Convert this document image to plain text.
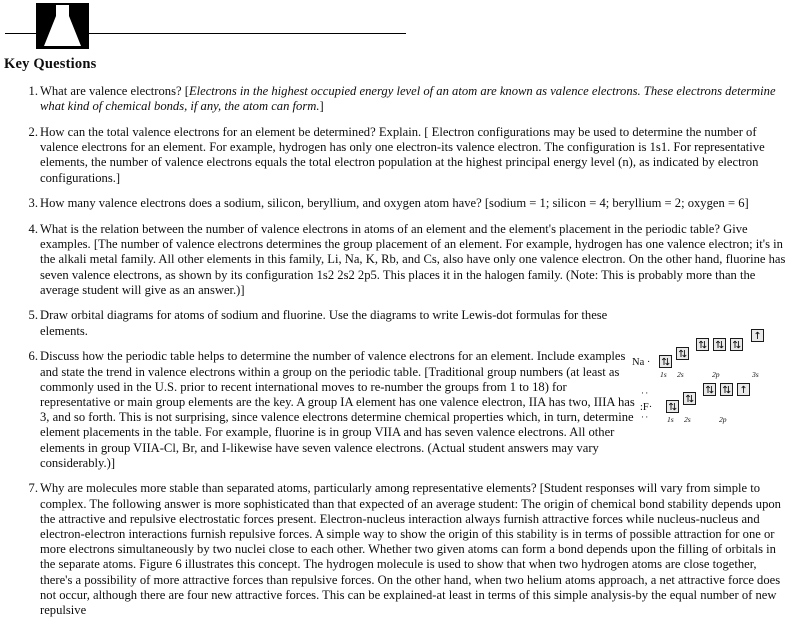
Key Questions
Na ·
1s 2s	2p	3s
··
:F·
·· 1s 2s	2p
1. What are valence electrons? [Electrons in the highest occupied energy level of an atom are known as valence electrons. These electrons determine what kind of chemical bonds, if any, the atom can form.]
2. How can the total valence electrons for an element be determined? Explain. [ Electron configurations may be used to determine the number of valence electrons for an element. For example, hydrogen has only one electron-its valence electron. The configuration is 1s1. For representative elements, the number of valence electrons equals the total electron population at the highest principal energy level (n), as indicated by electron configurations.]
3. How many valence electrons does a sodium, silicon, beryllium, and oxygen atom have? [sodium = 1; silicon = 4; beryllium = 2; oxygen = 6]
4. What is the relation between the number of valence electrons in atoms of an element and the element's placement in the periodic table? Give examples. [The number of valence electrons determines the group placement of an element. For example, hydrogen has one valence electron; it's in the alkali metal family. All other elements in this family, Li, Na, K, Rb, and Cs, also have only one valence electron. On the other hand, fluorine has seven valence electrons, as shown by its configuration 1s2 2s2 2p5. This places it in the halogen family. (Note: This is probably more than the average student will give as an answer.)]
5. Draw orbital diagrams for atoms of sodium and fluorine. Use the diagrams to write Lewis-dot formulas for these elements.
6. Discuss how the periodic table helps to determine the number of valence electrons for an element. Include examples and state the trend in valence electrons within a group on the periodic table. [Traditional group numbers (at least as commonly used in the U.S. prior to recent international moves to re-number the groups from 1 to 18) for representative or main group elements are the key. A group IA element has one valence electron, IIA has two, IIIA has 3, and so forth. This is not surprising, since valence electrons determine chemical properties which, in turn, determine element placements in the table. For example, fluorine is in group VIIA and has seven valence electrons. All other elements in group VIIA-Cl, Br, and I-likewise have seven valence electrons. (Actual student answers may vary considerably.)]
7. Why are molecules more stable than separated atoms, particularly among representative elements? [Student responses will vary from simple to complex. The following answer is more sophisticated than that expected of an average student: The origin of chemical bond stability depends upon the attractive and repulsive electrostatic forces present. Electron-nucleus interaction always furnish attractive forces while nucleus-nucleus and electron-electron interactions furnish repulsive forces. A simple way to show the origin of this stability is in terms of possible attraction for one or more electrons simultaneously by two nuclei close to each other. Whether two given atoms can form a bond depends upon the filling of orbitals in the separate atoms. Figure 6 illustrates this concept. The hydrogen molecule is used to show that when two hydrogen atoms are close together, there's a possibility of more attractive forces than repulsive forces. On the other hand, when two helium atoms approach, a net attractive force does not occur, although there are four new attractive forces. This can be explained-at least in terms of this simple analysis-by the equal number of new repulsive
